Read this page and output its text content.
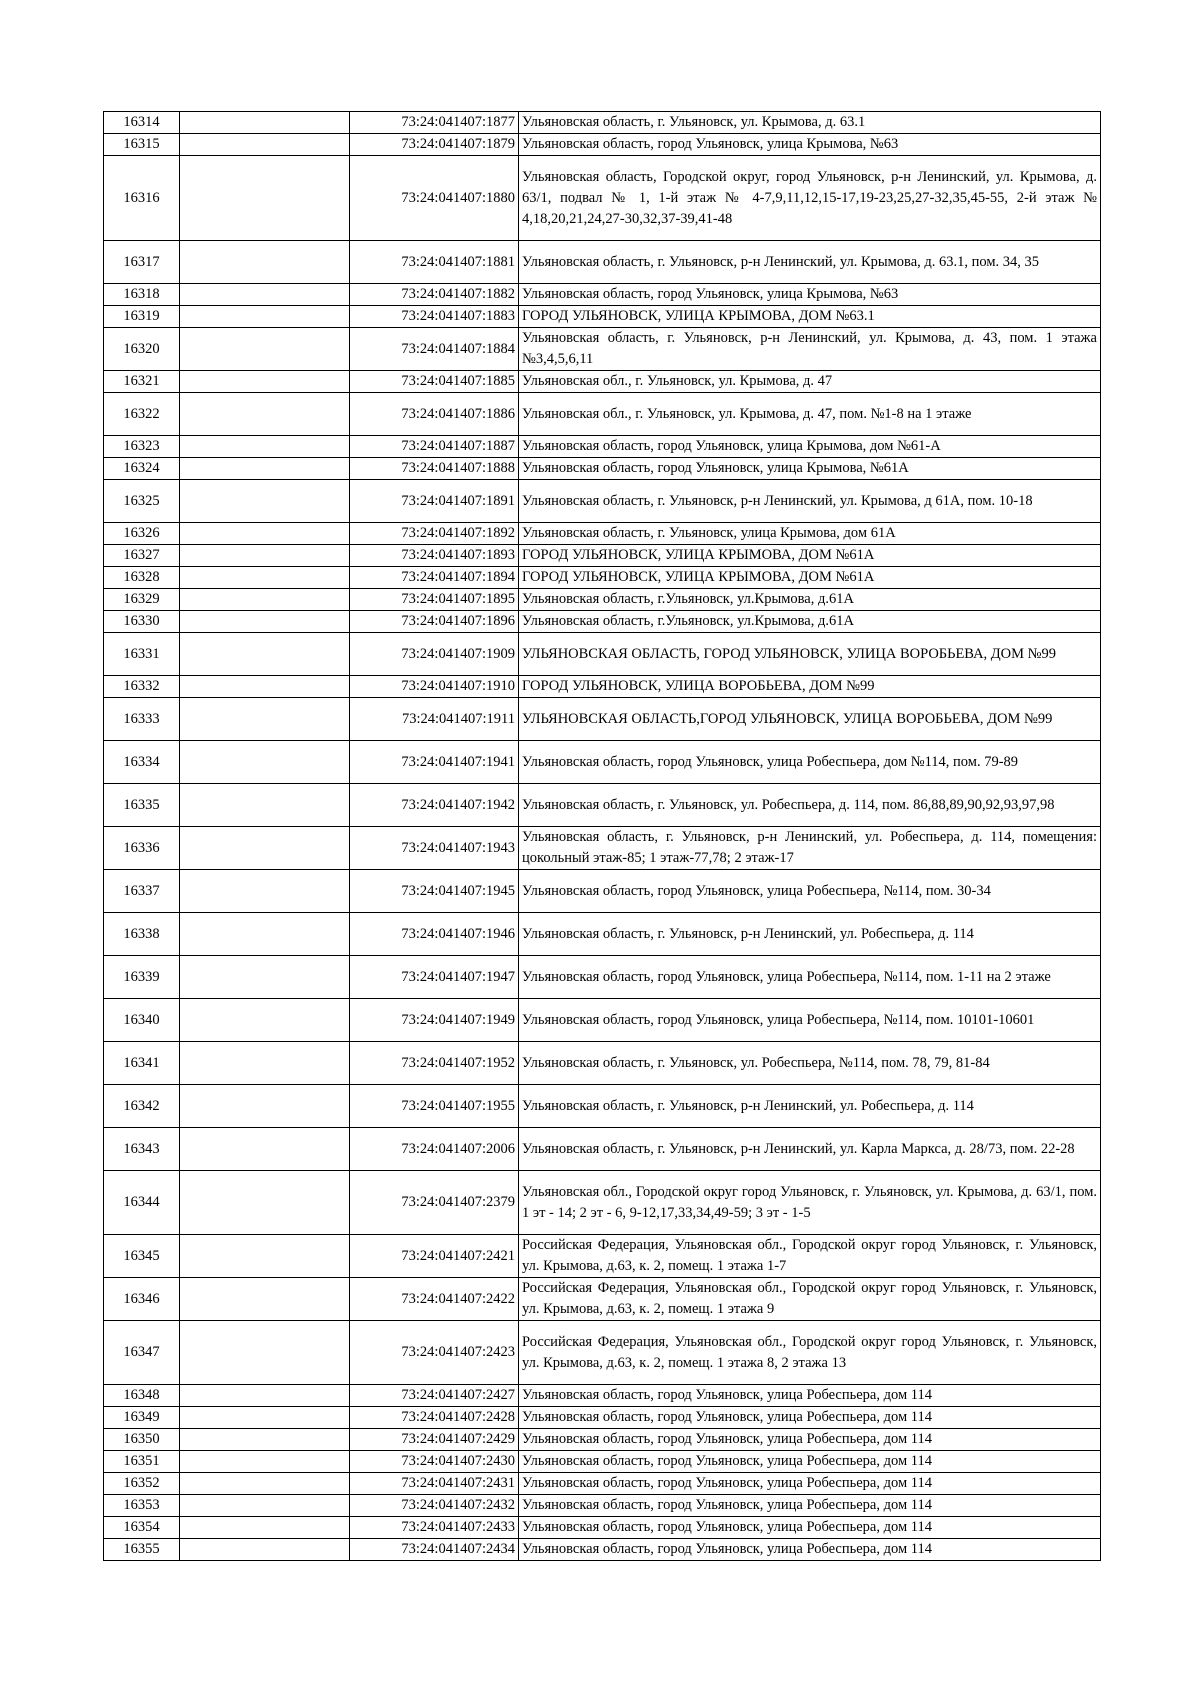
16314		73:24:041407:1877	Ульяновская область, г. Ульяновск, ул. Крымова, д. 63.1
16315		73:24:041407:1879	Ульяновская область, город Ульяновск, улица Крымова, №63
16316		73:24:041407:1880	Ульяновская область, Городской округ, город Ульяновск, р-н Ленинский, ул. Крымова, д. 63/1, подвал № 1, 1-й этаж № 4-7,9,11,12,15-17,19-23,25,27-32,35,45-55, 2-й этаж № 4,18,20,21,24,27-30,32,37-39,41-48
16317		73:24:041407:1881	Ульяновская область, г. Ульяновск, р-н Ленинский, ул. Крымова, д. 63.1, пом. 34, 35
16318		73:24:041407:1882	Ульяновская область, город Ульяновск, улица Крымова, №63
16319		73:24:041407:1883	ГОРОД УЛЬЯНОВСК, УЛИЦА КРЫМОВА, ДОМ №63.1
16320		73:24:041407:1884	Ульяновская область, г. Ульяновск, р-н Ленинский, ул. Крымова, д. 43, пом. 1 этажа №3,4,5,6,11
16321		73:24:041407:1885	Ульяновская обл., г. Ульяновск, ул. Крымова, д. 47
16322		73:24:041407:1886	Ульяновская обл., г. Ульяновск, ул. Крымова, д. 47, пом. №1-8 на 1 этаже
16323		73:24:041407:1887	Ульяновская область, город Ульяновск, улица Крымова, дом №61-А
16324		73:24:041407:1888	Ульяновская область, город Ульяновск, улица Крымова, №61А
16325		73:24:041407:1891	Ульяновская область, г. Ульяновск, р-н Ленинский, ул. Крымова, д 61А, пом. 10-18
16326		73:24:041407:1892	Ульяновская область, г. Ульяновск, улица Крымова, дом 61А
16327		73:24:041407:1893	ГОРОД УЛЬЯНОВСК, УЛИЦА КРЫМОВА, ДОМ №61А
16328		73:24:041407:1894	ГОРОД УЛЬЯНОВСК, УЛИЦА КРЫМОВА, ДОМ №61А
16329		73:24:041407:1895	Ульяновская область, г.Ульяновск, ул.Крымова, д.61А
16330		73:24:041407:1896	Ульяновская область, г.Ульяновск, ул.Крымова, д.61А
16331		73:24:041407:1909	УЛЬЯНОВСКАЯ ОБЛАСТЬ, ГОРОД УЛЬЯНОВСК, УЛИЦА ВОРОБЬЕВА, ДОМ №99
16332		73:24:041407:1910	ГОРОД УЛЬЯНОВСК, УЛИЦА ВОРОБЬЕВА, ДОМ №99
16333		73:24:041407:1911	УЛЬЯНОВСКАЯ ОБЛАСТЬ,ГОРОД УЛЬЯНОВСК, УЛИЦА ВОРОБЬЕВА, ДОМ №99
16334		73:24:041407:1941	Ульяновская область, город Ульяновск, улица Робеспьера, дом №114, пом. 79-89
16335		73:24:041407:1942	Ульяновская область, г. Ульяновск, ул. Робеспьера, д. 114, пом. 86,88,89,90,92,93,97,98
16336		73:24:041407:1943	Ульяновская область, г. Ульяновск, р-н Ленинский, ул. Робеспьера, д. 114, помещения: цокольный этаж-85; 1 этаж-77,78; 2 этаж-17
16337		73:24:041407:1945	Ульяновская область, город Ульяновск, улица Робеспьера, №114, пом. 30-34
16338		73:24:041407:1946	Ульяновская область, г. Ульяновск, р-н Ленинский, ул. Робеспьера, д. 114
16339		73:24:041407:1947	Ульяновская область, город Ульяновск, улица Робеспьера, №114, пом. 1-11 на 2 этаже
16340		73:24:041407:1949	Ульяновская область, город Ульяновск, улица Робеспьера, №114, пом. 10101-10601
16341		73:24:041407:1952	Ульяновская область, г. Ульяновск, ул. Робеспьера, №114, пом. 78, 79, 81-84
16342		73:24:041407:1955	Ульяновская область, г. Ульяновск, р-н Ленинский, ул. Робеспьера, д. 114
16343		73:24:041407:2006	Ульяновская область, г. Ульяновск, р-н Ленинский, ул. Карла Маркса, д. 28/73, пом. 22-28
16344		73:24:041407:2379	Ульяновская обл., Городской округ город Ульяновск, г. Ульяновск, ул. Крымова, д. 63/1, пом. 1 эт - 14; 2 эт - 6, 9-12,17,33,34,49-59; 3 эт - 1-5
16345		73:24:041407:2421	Российская Федерация, Ульяновская обл., Городской округ город Ульяновск, г. Ульяновск, ул. Крымова, д.63, к. 2, помещ. 1 этажа 1-7
16346		73:24:041407:2422	Российская Федерация, Ульяновская обл., Городской округ город Ульяновск, г. Ульяновск, ул. Крымова, д.63, к. 2, помещ. 1 этажа 9
16347		73:24:041407:2423	Российская Федерация, Ульяновская обл., Городской округ город Ульяновск, г. Ульяновск, ул. Крымова, д.63, к. 2, помещ. 1 этажа 8, 2 этажа 13
16348		73:24:041407:2427	Ульяновская область, город Ульяновск, улица Робеспьера, дом 114
16349		73:24:041407:2428	Ульяновская область, город Ульяновск, улица Робеспьера, дом 114
16350		73:24:041407:2429	Ульяновская область, город Ульяновск, улица Робеспьера, дом 114
16351		73:24:041407:2430	Ульяновская область, город Ульяновск, улица Робеспьера, дом 114
16352		73:24:041407:2431	Ульяновская область, город Ульяновск, улица Робеспьера, дом 114
16353		73:24:041407:2432	Ульяновская область, город Ульяновск, улица Робеспьера, дом 114
16354		73:24:041407:2433	Ульяновская область, город Ульяновск, улица Робеспьера, дом 114
16355		73:24:041407:2434	Ульяновская область, город Ульяновск, улица Робеспьера, дом 114
